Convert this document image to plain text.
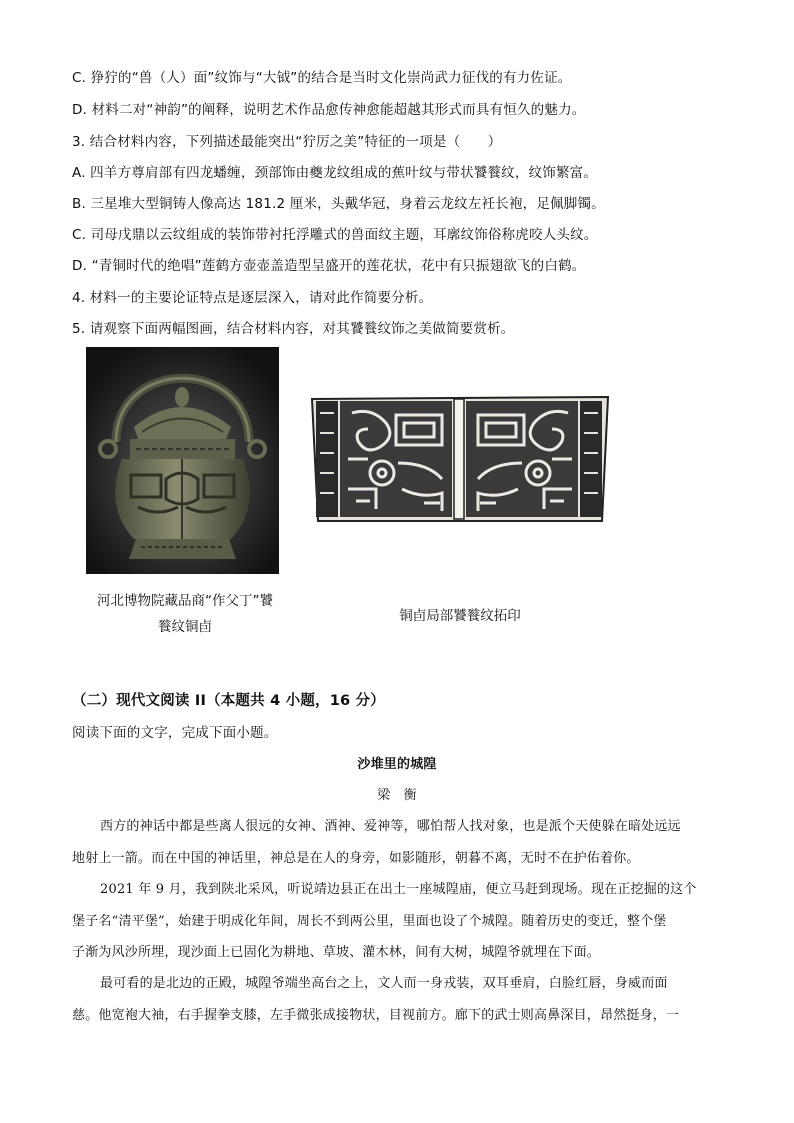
C. 狰狞的“兽（人）面”纹饰与“大钺”的结合是当时文化崇尚武力征伐的有力佐证。
D. 材料二对“神韵”的阐释，说明艺术作品愈传神愈能超越其形式而具有恒久的魅力。
3. 结合材料内容，下列描述最能突出“狞厉之美”特征的一项是（　　）
A. 四羊方尊肩部有四龙蟠缠，颈部饰由夔龙纹组成的蕉叶纹与带状饕餮纹，纹饰繁富。
B. 三星堆大型铜铸人像高达 181.2 厘米，头戴华冠，身着云龙纹左衽长袍，足佩脚镯。
C. 司母戊鼎以云纹组成的装饰带衬托浮雕式的兽面纹主题，耳廓纹饰俗称虎咬人头纹。
D. “青铜时代的绝唱”莲鹤方壶壶盖造型呈盛开的莲花状，花中有只振翅欲飞的白鹤。
4. 材料一的主要论证特点是逐层深入，请对此作简要分析。
5. 请观察下面两幅图画，结合材料内容，对其饕餮纹饰之美做简要赏析。
河北博物院藏品商“作父丁”饕
餮纹铜卣
铜卣局部饕餮纹拓印
（二）现代文阅读 II（本题共 4 小题，16 分）
阅读下面的文字，完成下面小题。
沙堆里的城隍
梁　衡
西方的神话中都是些离人很远的女神、酒神、爱神等，哪怕帮人找对象，也是派个天使躲在暗处远远
地射上一箭。而在中国的神话里，神总是在人的身旁，如影随形，朝暮不离，无时不在护佑着你。
2021 年 9 月，我到陕北采风，听说靖边县正在出土一座城隍庙，便立马赶到现场。现在正挖掘的这个
堡子名“清平堡”，始建于明成化年间，周长不到两公里，里面也设了个城隍。随着历史的变迁，整个堡
子渐为风沙所埋，现沙面上已固化为耕地、草坡、灌木林，间有大树，城隍爷就埋在下面。
最可看的是北边的正殿，城隍爷端坐高台之上，文人而一身戎装，双耳垂肩，白脸红唇，身威而面
慈。他宽袍大袖，右手握拳支膝，左手微张成接物状，目视前方。廊下的武士则高鼻深目，昂然挺身，一
